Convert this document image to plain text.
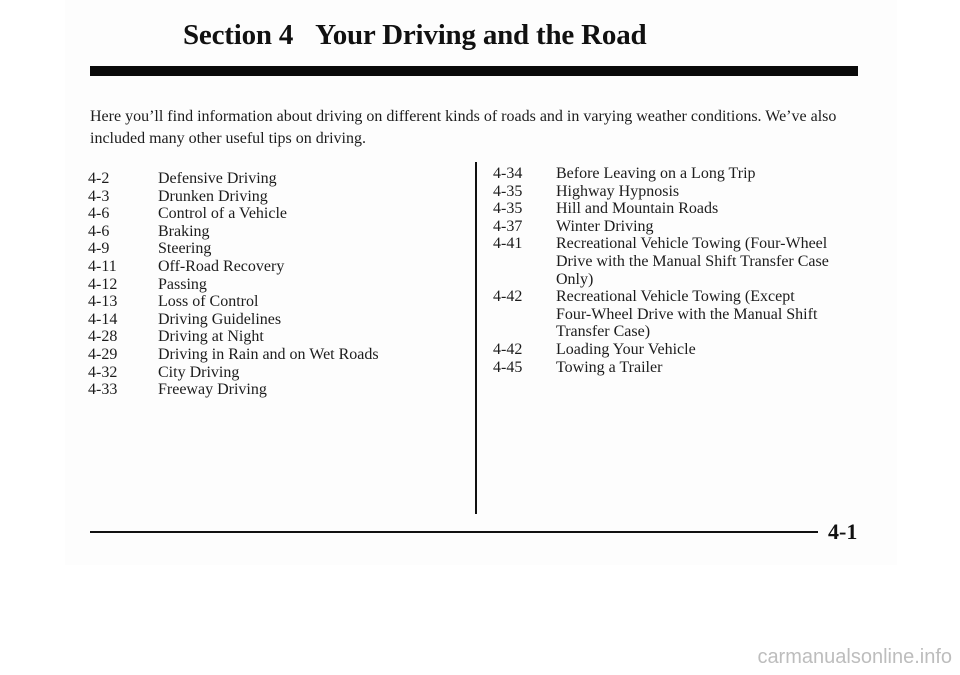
Section 4 Your Driving and the Road

Here you’ll find information about driving on different kinds of roads and in varying weather conditions. We’ve also included many other useful tips on driving.

4-2	Defensive Driving
4-3	Drunken Driving
4-6	Control of a Vehicle
4-6	Braking
4-9	Steering
4-11	Off-Road Recovery
4-12	Passing
4-13	Loss of Control
4-14	Driving Guidelines
4-28	Driving at Night
4-29	Driving in Rain and on Wet Roads
4-32	City Driving
4-33	Freeway Driving
4-34	Before Leaving on a Long Trip
4-35	Highway Hypnosis
4-35	Hill and Mountain Roads
4-37	Winter Driving
4-41	Recreational Vehicle Towing (Four-Wheel Drive with the Manual Shift Transfer Case Only)
4-42	Recreational Vehicle Towing (Except Four-Wheel Drive with the Manual Shift Transfer Case)
4-42	Loading Your Vehicle
4-45	Towing a Trailer

4-1

carmanualsonline.info
